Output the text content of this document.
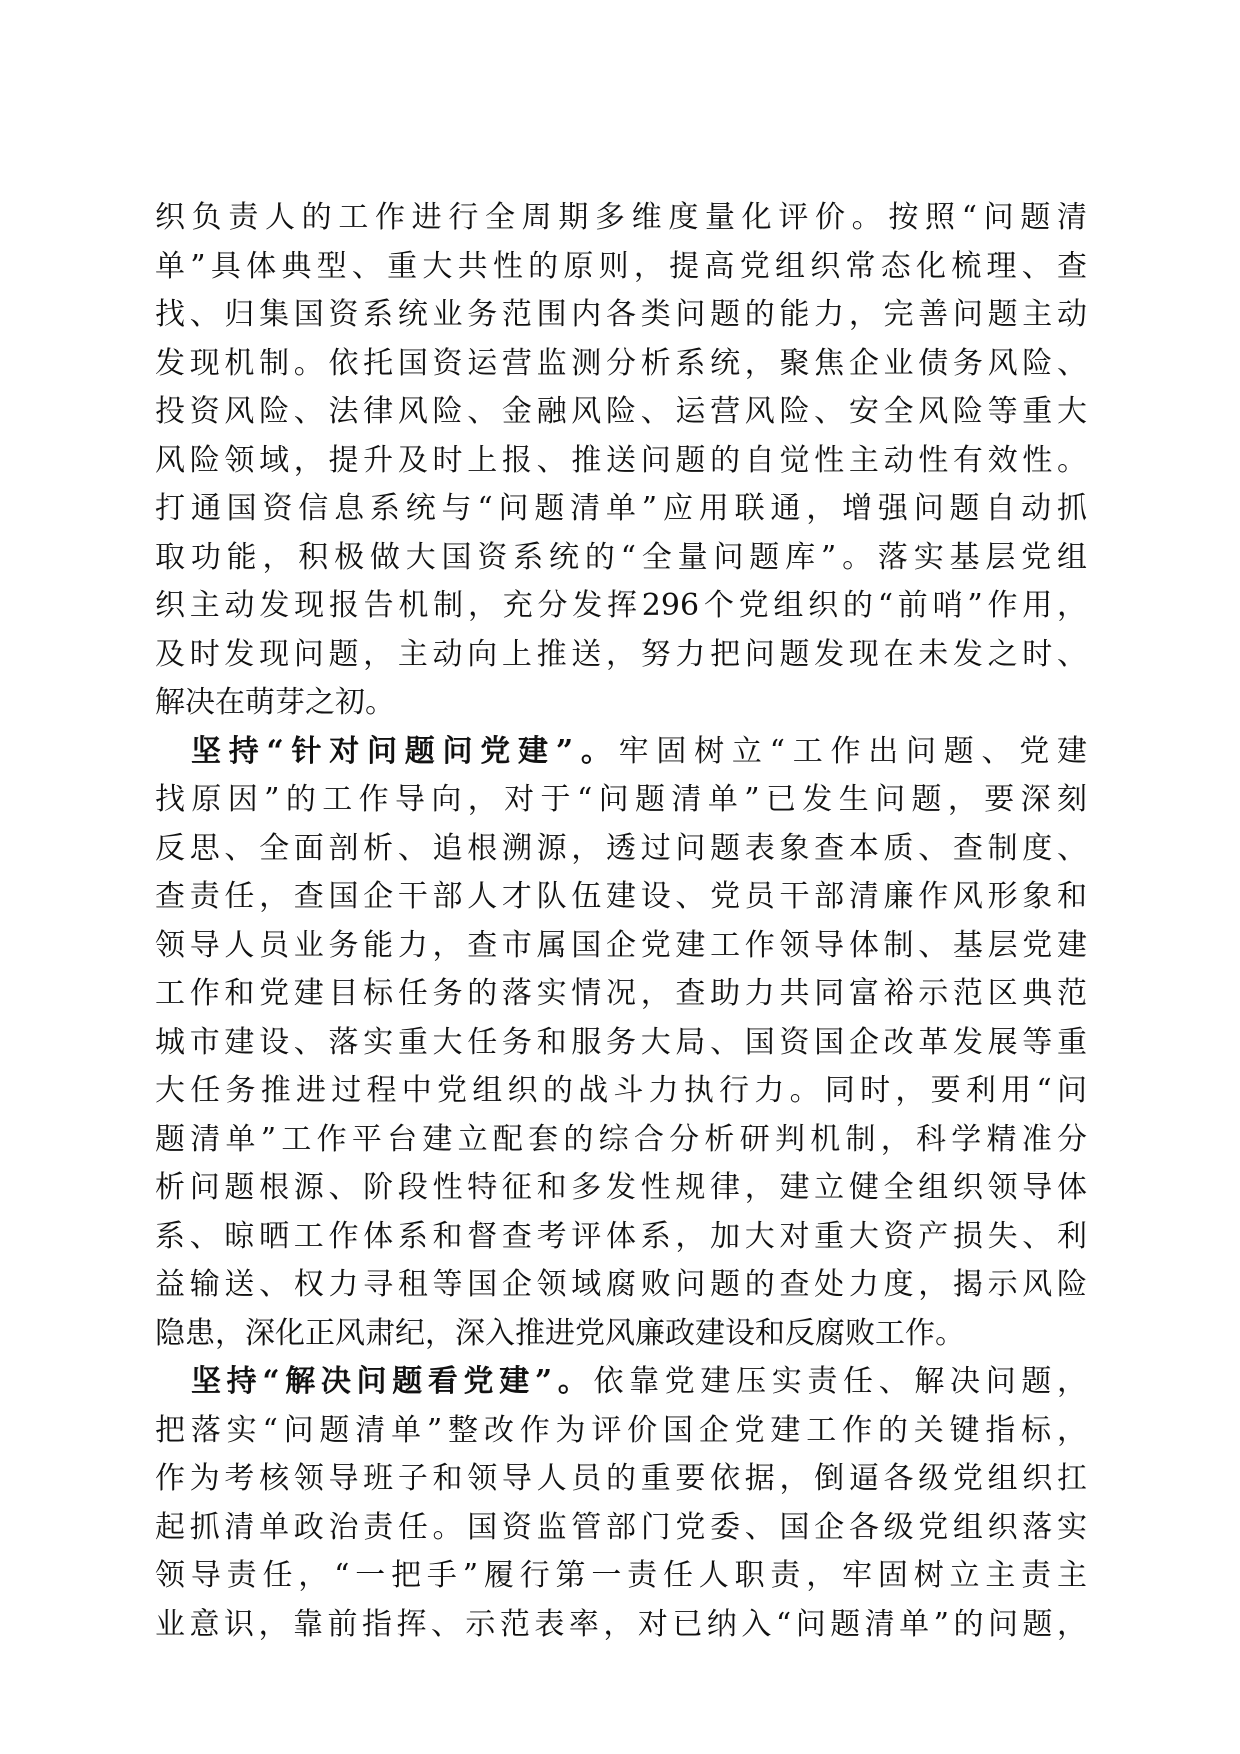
织负责人的工作进行全周期多维度量化评价。按照“问题清
单”具体典型、重大共性的原则，提高党组织常态化梳理、查
找、归集国资系统业务范围内各类问题的能力，完善问题主动
发现机制。依托国资运营监测分析系统，聚焦企业债务风险、
投资风险、法律风险、金融风险、运营风险、安全风险等重大
风险领域，提升及时上报、推送问题的自觉性主动性有效性。
打通国资信息系统与“问题清单”应用联通，增强问题自动抓
取功能，积极做大国资系统的“全量问题库”。落实基层党组
织主动发现报告机制，充分发挥296个党组织的“前哨”作用，
及时发现问题，主动向上推送，努力把问题发现在未发之时、
解决在萌芽之初。
坚持“针对问题问党建”。牢固树立“工作出问题、党建
找原因”的工作导向，对于“问题清单”已发生问题，要深刻
反思、全面剖析、追根溯源，透过问题表象查本质、查制度、
查责任，查国企干部人才队伍建设、党员干部清廉作风形象和
领导人员业务能力，查市属国企党建工作领导体制、基层党建
工作和党建目标任务的落实情况，查助力共同富裕示范区典范
城市建设、落实重大任务和服务大局、国资国企改革发展等重
大任务推进过程中党组织的战斗力执行力。同时，要利用“问
题清单”工作平台建立配套的综合分析研判机制，科学精准分
析问题根源、阶段性特征和多发性规律，建立健全组织领导体
系、晾晒工作体系和督查考评体系，加大对重大资产损失、利
益输送、权力寻租等国企领域腐败问题的查处力度，揭示风险
隐患，深化正风肃纪，深入推进党风廉政建设和反腐败工作。
坚持“解决问题看党建”。依靠党建压实责任、解决问题，
把落实“问题清单”整改作为评价国企党建工作的关键指标，
作为考核领导班子和领导人员的重要依据，倒逼各级党组织扛
起抓清单政治责任。国资监管部门党委、国企各级党组织落实
领导责任，“一把手”履行第一责任人职责，牢固树立主责主
业意识，靠前指挥、示范表率，对已纳入“问题清单”的问题，
